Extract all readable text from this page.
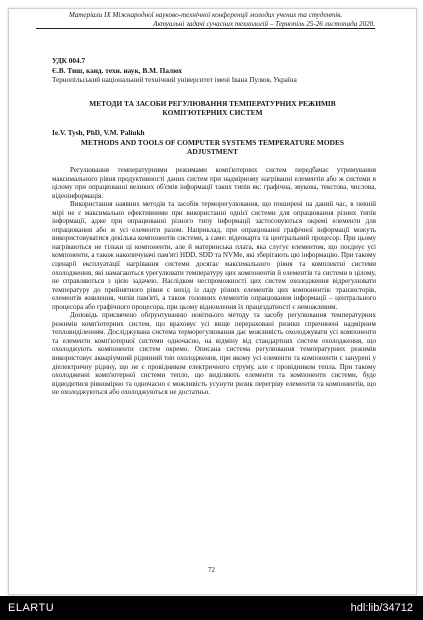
Матеріали IX Міжнародної науково-технічної конференції молодих учених та студентів.
Актуальні задачі сучасних технологій – Тернопіль 25-26 листопада 2020.
УДК 004.7
Є.В. Тиш, канд. техн. наук, В.М. Палюх
Тернопільський національний технічний університет імені Івана Пулюя, Україна
МЕТОДИ ТА ЗАСОБИ РЕГУЛЮВАННЯ ТЕМПЕРАТУРНИХ РЕЖИМІВ КОМП'ЮТЕРНИХ СИСТЕМ
Ie.V. Tysh, PhD, V.M. Paliukh
METHODS AND TOOLS OF COMPUTER SYSTEMS TEMPERATURE MODES ADJUSTMENT

Регулювання температурними режимами комп'ютерних систем передбачає утримування максимального рівня продуктивності даних систем при надмірному нагріванні елементів або ж системи в цілому при опрацюванні великих об'ємів інформації таких типів як: графічна, звукова, текстова, числова, відеоінформація.

Використання наявних методів та засобів терморегулювання, що поширені на даний час, в певній мірі не є максимально ефективними при використанні однієї системи для опрацювання різних типів інформації, адже при опрацюванні різного типу інформації застосовуються окремі елементи для опрацювання або ж усі елементи разом. Наприклад, при опрацюванні графічної інформації можуть використовуватися декілька компонентів системи, а саме: відеокарта та центральний процесор. При цьому нагріваються не тільки ці компоненти, але й материнська плата, яка слугує елементом, що поєднує усі компоненти, а також накопичувачі пам'яті HDD, SDD та NVMe, які зберігають цю інформацію. При такому сценарії експлуатації нагрівання системи досягає максимального рівня та комплектні системи охолодження, які намагаються урегулювати температуру цих компонентів й елементів та системи в цілому, не справляються з цією задачею. Наслідком неспроможності цих систем охолодження відрегулювати температуру до прийнятного рівня є вихід із ладу різних елементів цих компонентів: транзисторів, елементів живлення, чипів пам'яті, а також головних елементів опрацювання інформації – центрального процесора або графічного процесора, при цьому відновлення їх працездатності є неможливим.

Доповідь присвячено обґрунтуванню новітнього методу та засобу регулювання температурних режимів комп'ютерних систем, що враховує усі вище перераховані ризики спричинені надмірним тепловиділенням. Досліджувана система терморегулювання дає можливість охолоджувати усі компоненти та елементи комп'ютерної системи одночасно, на відміну від стандартних систем охолодження, що охолоджують компоненти систем окремо. Описана система регулювання температурних режимів використовує акваріумний рідинний тип охолодження, при якому усі елементи та компоненти є занурені у діелектричну рідину, що не є провідником електричного струму, але є провідником тепла. При такому охолодженні комп'ютерної системи тепло, що виділяють елементи та компоненти системи, буде відводитися рівномірно та одночасно є можливість усунути ризик перегріву елементів та компонентів, що не охолоджуються або охолоджуються не достатньо.

72
ELARTU	hdl:lib/34712
